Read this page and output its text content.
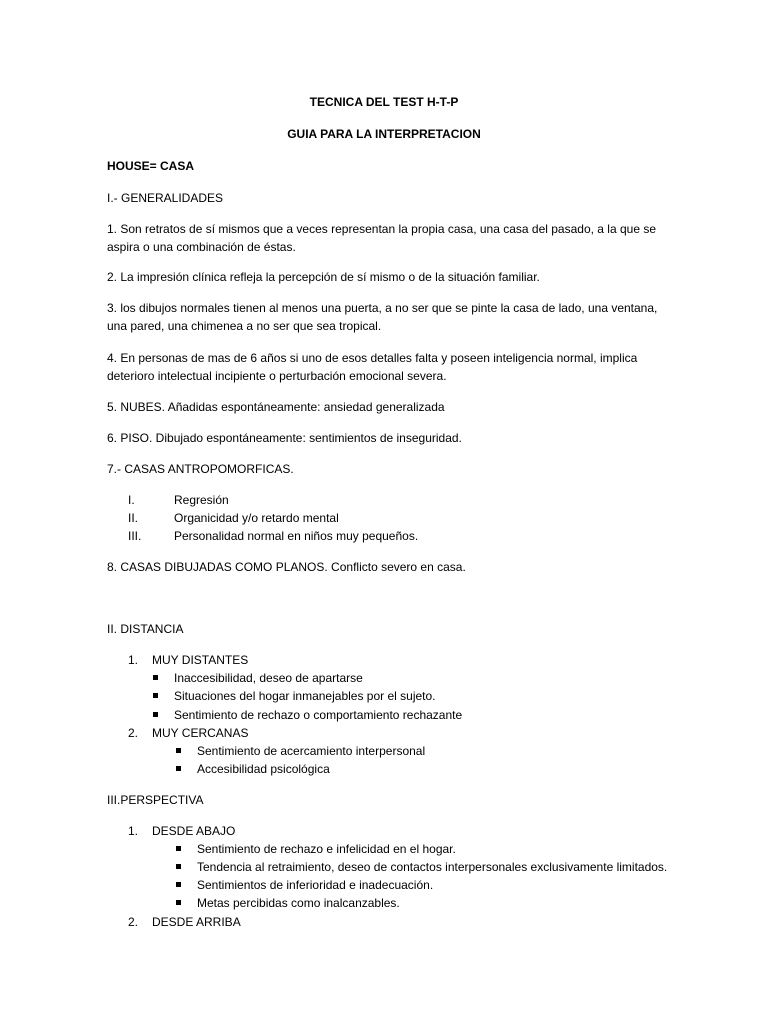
TECNICA DEL TEST H-T-P
GUIA PARA LA INTERPRETACION
HOUSE= CASA
I.- GENERALIDADES
1. Son retratos de sí mismos que a veces representan la propia casa, una casa del pasado, a la que se aspira o una combinación de éstas.
2. La impresión clínica refleja la percepción de sí mismo o de la situación familiar.
3. los dibujos normales tienen al menos una puerta, a no ser que se pinte la casa de lado, una ventana, una pared, una chimenea a no ser que sea tropical.
4. En personas de mas de 6 años si uno de esos detalles falta y poseen inteligencia normal, implica deterioro intelectual incipiente o perturbación emocional severa.
5. NUBES. Añadidas espontáneamente: ansiedad generalizada
6. PISO. Dibujado espontáneamente: sentimientos de inseguridad.
7.- CASAS ANTROPOMORFICAS.
I.	Regresión
II.	Organicidad y/o retardo mental
III.	Personalidad normal en niños muy pequeños.
8. CASAS DIBUJADAS COMO PLANOS. Conflicto severo en casa.
II. DISTANCIA
1. MUY DISTANTES
Inaccesibilidad, deseo de apartarse
Situaciones del hogar inmanejables por el sujeto.
Sentimiento de rechazo o comportamiento rechazante
2. MUY CERCANAS
Sentimiento de acercamiento interpersonal
Accesibilidad psicológica
III.PERSPECTIVA
1. DESDE ABAJO
Sentimiento de rechazo e infelicidad en el hogar.
Tendencia al retraimiento, deseo de contactos interpersonales exclusivamente limitados.
Sentimientos de inferioridad e inadecuación.
Metas percibidas como inalcanzables.
2. DESDE ARRIBA
